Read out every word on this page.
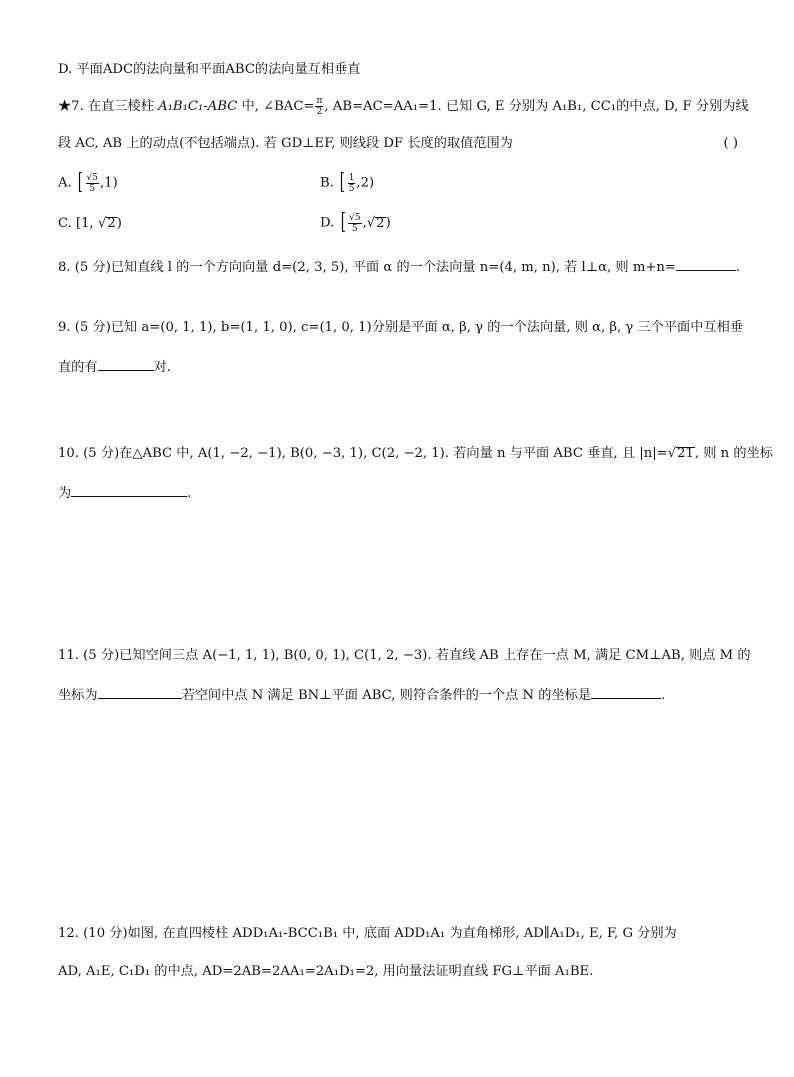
D. 平面ADC的法向量和平面ABC的法向量互相垂直
★7. 在直三棱柱 A₁B₁C₁-ABC 中, ∠BAC= $\frac{\pi}{2}$ , AB=AC=AA₁=1. 已知 G, E 分别为 A₁B₁, CC₁的中点, D, F 分别为线
段 AC, AB 上的动点(不包括端点). 若 GD⊥EF, 则线段 DF 长度的取值范围为	( )
A. [ $\frac{√5}{5} ,1$)	B. [ $\frac{1}{5} ,2$)
C. [1, √2)	D. [ $\frac{√5}{5} ,√2$)
8. (5 分)已知直线 l 的一个方向向量 d=(2, 3, 5), 平面 α 的一个法向量 n=(4, m, n), 若 l⊥α, 则 m+n=	.
9. (5 分)已知 a=(0, 1, 1), b=(1, 1, 0), c=(1, 0, 1)分别是平面 α, β, γ 的一个法向量, 则 α, β, γ 三个平面中互相垂
直的有	对.
10. (5 分)在△ABC 中, A(1, −2, −1), B(0, −3, 1), C(2, −2, 1). 若向量 n 与平面 ABC 垂直, 且 |n|=√21, 则 n 的坐标
为	.
11. (5 分)已知空间三点 A(−1, 1, 1), B(0, 0, 1), C(1, 2, −3). 若直线 AB 上存在一点 M, 满足 CM⊥AB, 则点 M 的
坐标为	若空间中点 N 满足 BN⊥平面 ABC, 则符合条件的一个点 N 的坐标是	.
12. (10 分)如图, 在直四棱柱 ADD₁A₁-BCC₁B₁ 中, 底面 ADD₁A₁ 为直角梯形, AD∥A₁D₁, E, F, G 分别为
AD, A₁E, C₁D₁ 的中点, AD=2AB=2AA₁=2A₁D₁=2, 用向量法证明直线 FG⊥平面 A₁BE.
